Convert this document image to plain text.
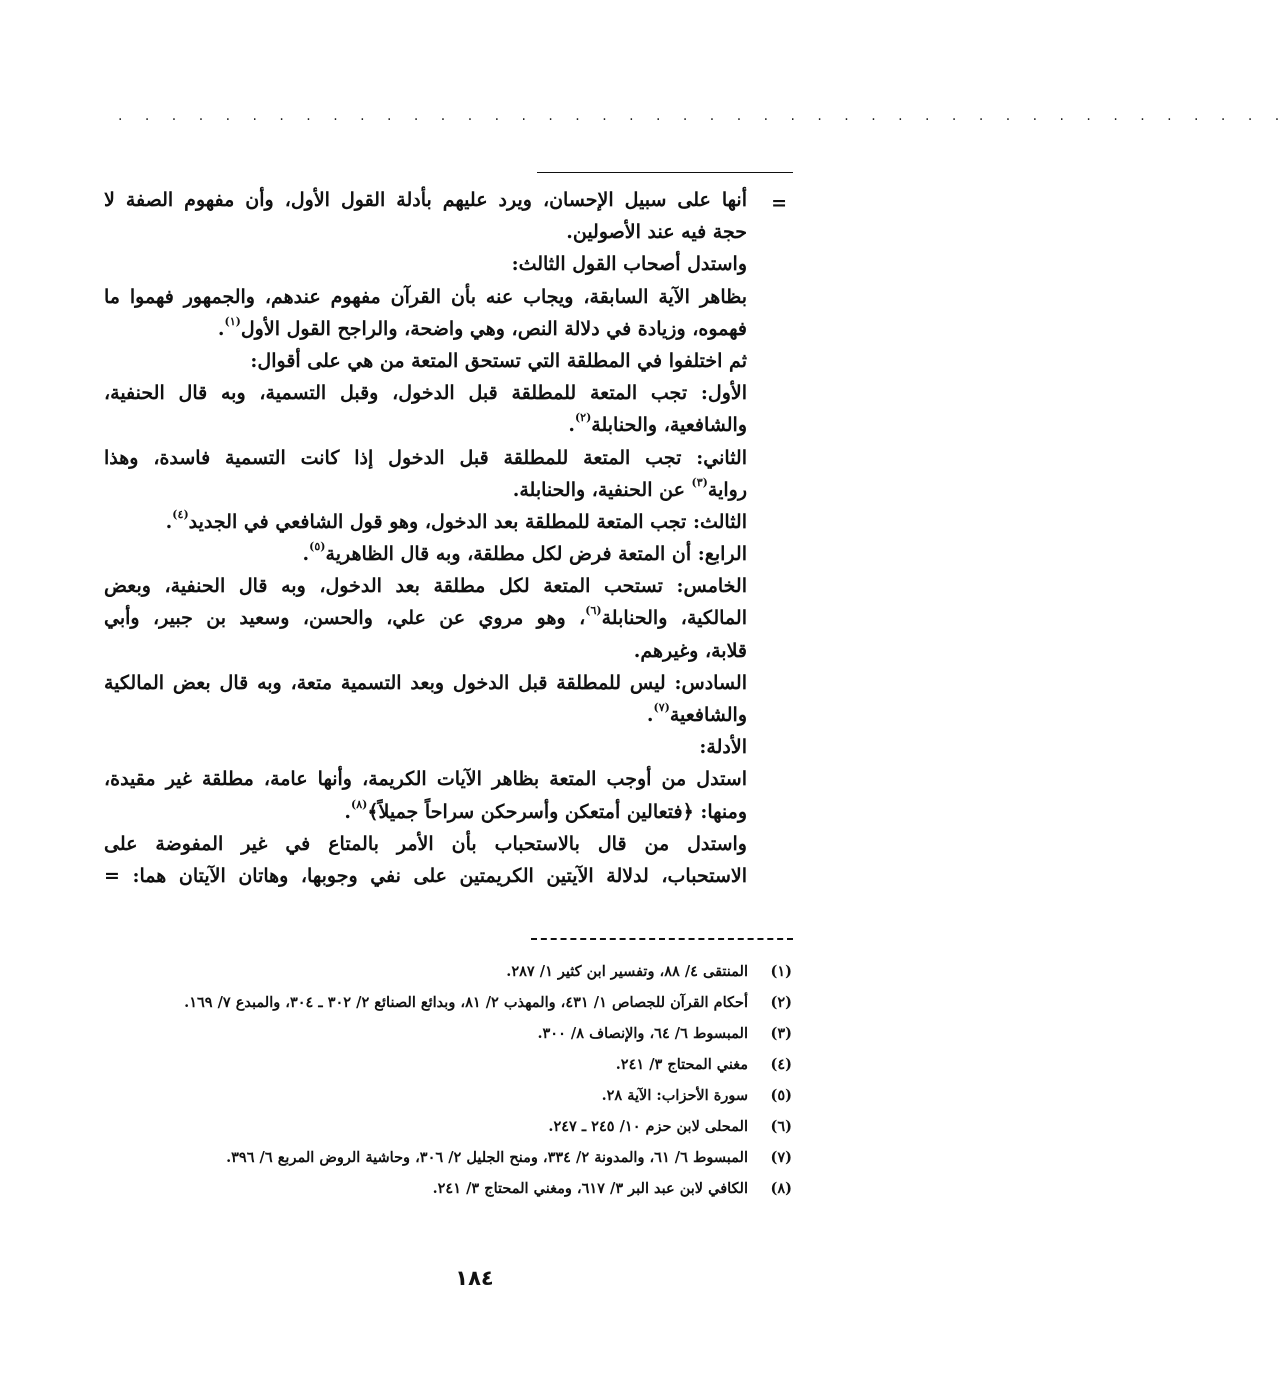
· · · · · · · · · · · · · · · · · · · · · · · · · · · · · · · · · · · · · · · · · · · ·
=
أنها على سبيل الإحسان، ويرد عليهم بأدلة القول الأول، وأن مفهوم الصفة لا
حجة فيه عند الأصولين.
واستدل أصحاب القول الثالث:
بظاهر الآية السابقة، ويجاب عنه بأن القرآن مفهوم عندهم، والجمهور فهموا ما
فهموه، وزيادة في دلالة النص، وهي واضحة، والراجح القول الأول$^{(١)}$.
ثم اختلفوا في المطلقة التي تستحق المتعة من هي على أقوال:
الأول: تجب المتعة للمطلقة قبل الدخول، وقبل التسمية، وبه قال الحنفية،
والشافعية، والحنابلة$^{(٢)}$.
الثاني: تجب المتعة للمطلقة قبل الدخول إذا كانت التسمية فاسدة، وهذا
رواية$^{(٣)}$ عن الحنفية، والحنابلة.
الثالث: تجب المتعة للمطلقة بعد الدخول، وهو قول الشافعي في الجديد$^{(٤)}$.
الرابع: أن المتعة فرض لكل مطلقة، وبه قال الظاهرية$^{(٥)}$.
الخامس: تستحب المتعة لكل مطلقة بعد الدخول، وبه قال الحنفية، وبعض
المالكية، والحنابلة$^{(٦)}$، وهو مروي عن علي، والحسن، وسعيد بن جبير، وأبي
قلابة، وغيرهم.
السادس: ليس للمطلقة قبل الدخول وبعد التسمية متعة، وبه قال بعض المالكية
والشافعية$^{(٧)}$.
الأدلة:
استدل من أوجب المتعة بظاهر الآيات الكريمة، وأنها عامة، مطلقة غير مقيدة،
ومنها: ﴿فتعالين أمتعكن وأسرحكن سراحاً جميلاً﴾$^{(٨)}$.
واستدل من قال بالاستحباب بأن الأمر بالمتاع في غير المفوضة على
الاستحباب، لدلالة الآيتين الكريمتين على نفي وجوبها، وهاتان الآيتان هما: =
(١)
المنتقى ٤/ ٨٨، وتفسير ابن كثير ١/ ٢٨٧.
(٢)
أحكام القرآن للجصاص ١/ ٤٣١، والمهذب ٢/ ٨١، وبدائع الصنائع ٢/ ٣٠٢ ـ ٣٠٤، والمبدع ٧/ ١٦٩.
(٣)
المبسوط ٦/ ٦٤، والإنصاف ٨/ ٣٠٠.
(٤)
مغني المحتاج ٣/ ٢٤١.
(٥)
سورة الأحزاب: الآية ٢٨.
(٦)
المحلى لابن حزم ١٠/ ٢٤٥ ـ ٢٤٧.
(٧)
المبسوط ٦/ ٦١، والمدونة ٢/ ٣٣٤، ومنح الجليل ٢/ ٣٠٦، وحاشية الروض المربع ٦/ ٣٩٦.
(٨)
الكافي لابن عبد البر ٣/ ٦١٧، ومغني المحتاج ٣/ ٢٤١.
١٨٤
